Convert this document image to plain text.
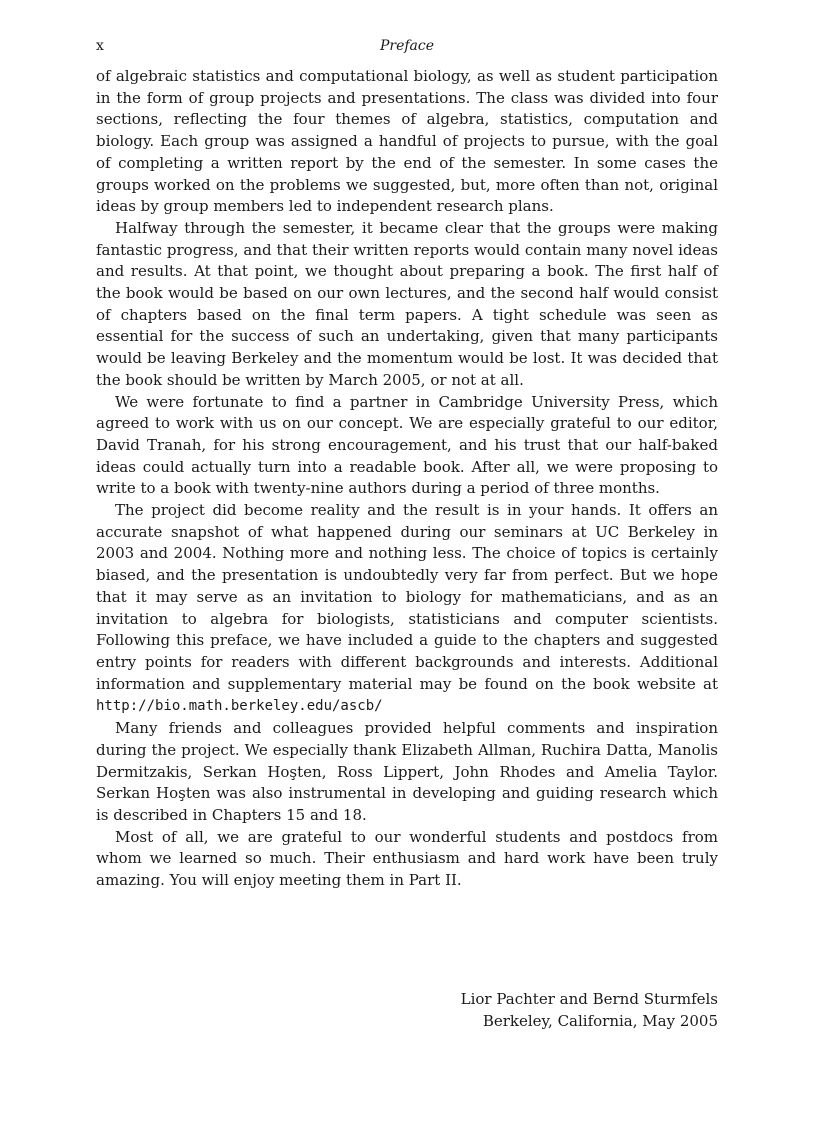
x	Preface

of algebraic statistics and computational biology, as well as student participation in the form of group projects and presentations. The class was divided into four sections, reflecting the four themes of algebra, statistics, computation and biology. Each group was assigned a handful of projects to pursue, with the goal of completing a written report by the end of the semester. In some cases the groups worked on the problems we suggested, but, more often than not, original ideas by group members led to independent research plans.

Halfway through the semester, it became clear that the groups were making fantastic progress, and that their written reports would contain many novel ideas and results. At that point, we thought about preparing a book. The first half of the book would be based on our own lectures, and the second half would consist of chapters based on the final term papers. A tight schedule was seen as essential for the success of such an undertaking, given that many participants would be leaving Berkeley and the momentum would be lost. It was decided that the book should be written by March 2005, or not at all.

We were fortunate to find a partner in Cambridge University Press, which agreed to work with us on our concept. We are especially grateful to our editor, David Tranah, for his strong encouragement, and his trust that our half-baked ideas could actually turn into a readable book. After all, we were proposing to write to a book with twenty-nine authors during a period of three months.

The project did become reality and the result is in your hands. It offers an accurate snapshot of what happened during our seminars at UC Berkeley in 2003 and 2004. Nothing more and nothing less. The choice of topics is certainly biased, and the presentation is undoubtedly very far from perfect. But we hope that it may serve as an invitation to biology for mathematicians, and as an invitation to algebra for biologists, statisticians and computer scientists. Following this preface, we have included a guide to the chapters and suggested entry points for readers with different backgrounds and interests. Additional information and supplementary material may be found on the book website at http://bio.math.berkeley.edu/ascb/

Many friends and colleagues provided helpful comments and inspiration during the project. We especially thank Elizabeth Allman, Ruchira Datta, Manolis Dermitzakis, Serkan Hoşten, Ross Lippert, John Rhodes and Amelia Taylor. Serkan Hoşten was also instrumental in developing and guiding research which is described in Chapters 15 and 18.

Most of all, we are grateful to our wonderful students and postdocs from whom we learned so much. Their enthusiasm and hard work have been truly amazing. You will enjoy meeting them in Part II.

Lior Pachter and Bernd Sturmfels
Berkeley, California, May 2005
